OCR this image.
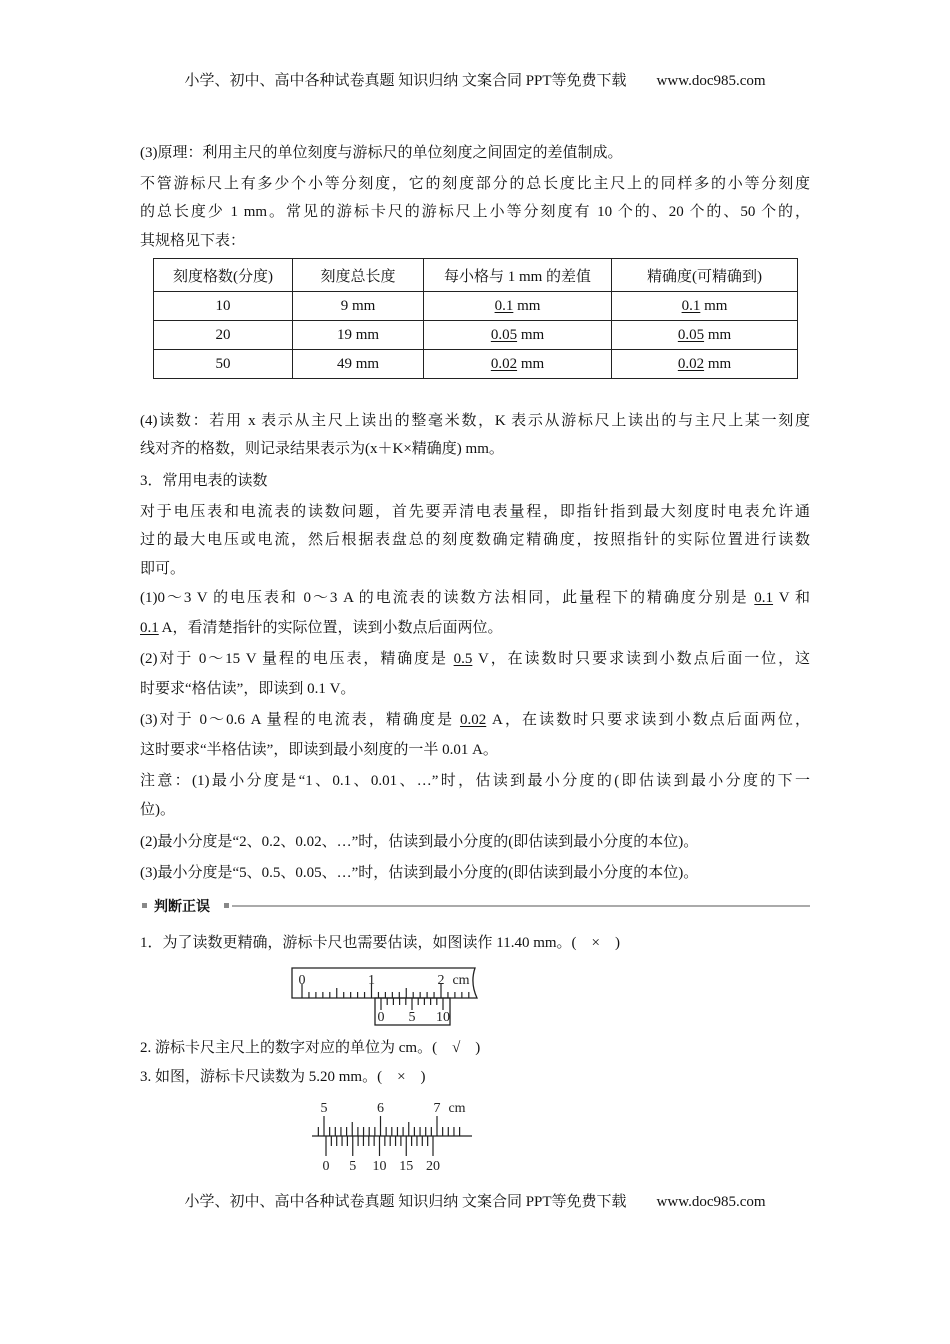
小学、初中、高中各种试卷真题 知识归纳 文案合同 PPT等免费下载 www.doc985.com
(3)原理：利用主尺的单位刻度与游标尺的单位刻度之间固定的差值制成。
不管游标尺上有多少个小等分刻度，它的刻度部分的总长度比主尺上的同样多的小等分刻度
的总长度少 1 mm。常见的游标卡尺的游标尺上小等分刻度有 10 个的、20 个的、50 个的，
其规格见下表：
刻度格数(分度)	刻度总长度	每小格与 1 mm 的差值	精确度(可精确到)
10	9 mm	0.1 mm	0.1 mm
20	19 mm	0.05 mm	0.05 mm
50	49 mm	0.02 mm	0.02 mm
(4)读数：若用 x 表示从主尺上读出的整毫米数，K 表示从游标尺上读出的与主尺上某一刻度
线对齐的格数，则记录结果表示为(x＋K×精确度) mm。
3．常用电表的读数
对于电压表和电流表的读数问题，首先要弄清电表量程，即指针指到最大刻度时电表允许通
过的最大电压或电流，然后根据表盘总的刻度数确定精确度，按照指针的实际位置进行读数
即可。
(1)0～3 V 的电压表和 0～3 A 的电流表的读数方法相同，此量程下的精确度分别是 0.1 V 和
0.1 A，看清楚指针的实际位置，读到小数点后面两位。
(2)对于 0～15 V 量程的电压表，精确度是 0.5 V，在读数时只要求读到小数点后面一位，这
时要求“格估读”，即读到 0.1 V。
(3)对于 0～0.6 A 量程的电流表，精确度是 0.02 A，在读数时只要求读到小数点后面两位，
这时要求“半格估读”，即读到最小刻度的一半 0.01 A。
注意：(1)最小分度是“1、0.1、0.01、…”时，估读到最小分度的(即估读到最小分度的下一
位)。
(2)最小分度是“2、0.2、0.02、…”时，估读到最小分度的(即估读到最小分度的本位)。
(3)最小分度是“5、0.5、0.05、…”时，估读到最小分度的(即估读到最小分度的本位)。
判断正误
1．为了读数更精确，游标卡尺也需要估读，如图读作 11.40 mm。(　×　)
2. 游标卡尺主尺上的数字对应的单位为 cm。(　√　)
3. 如图，游标卡尺读数为 5.20 mm。(　×　)
0	1	2 cm
0 5 10
5	6	7 cm
0 5 10 15 20
小学、初中、高中各种试卷真题 知识归纳 文案合同 PPT等免费下载 www.doc985.com
